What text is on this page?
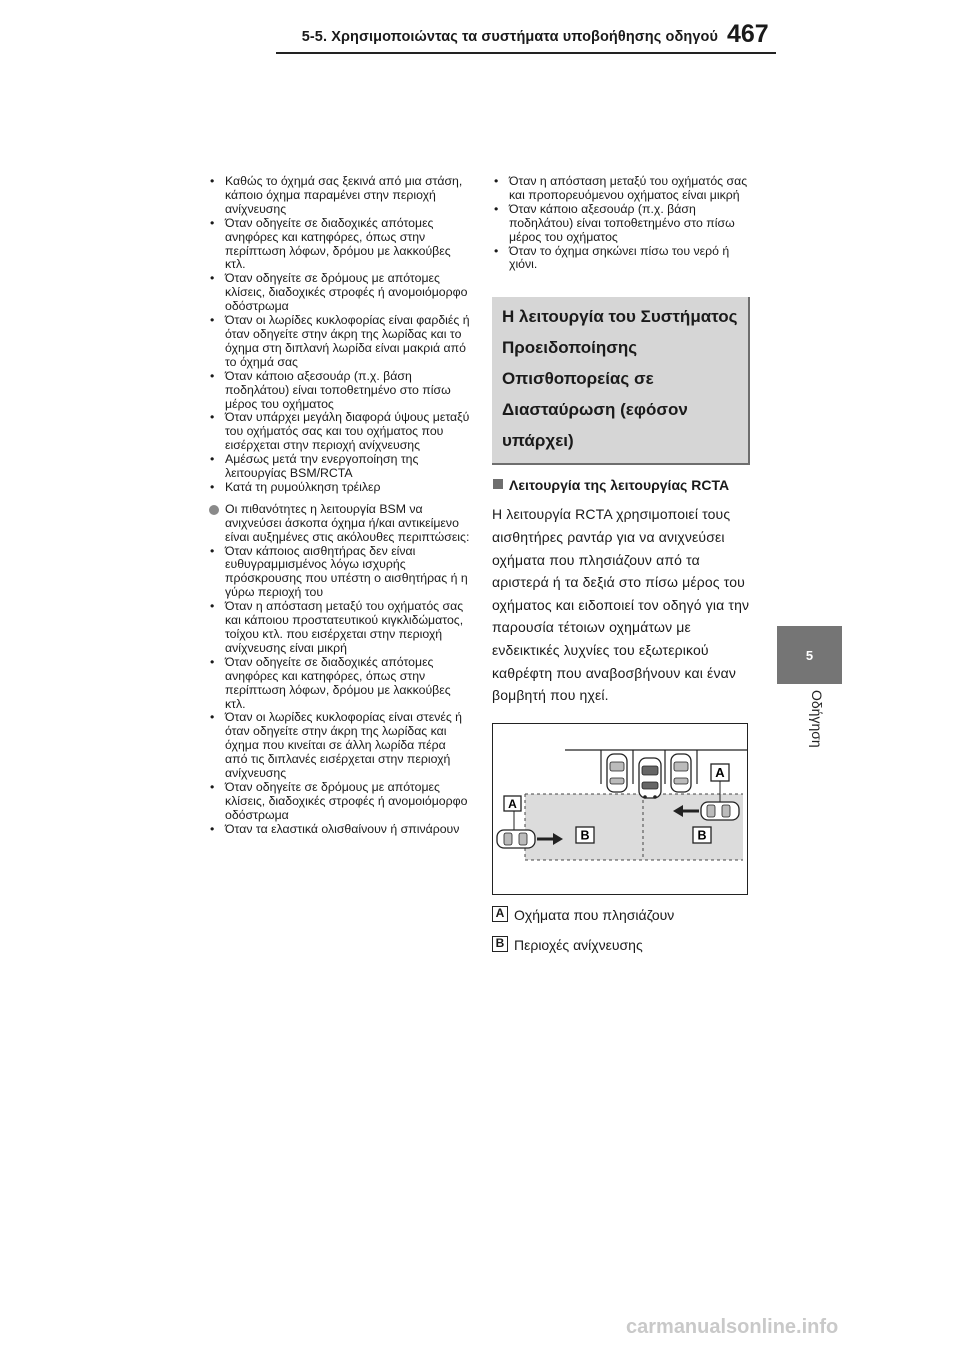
5-5. Χρησιμοποιώντας τα συστήματα υποβοήθησης οδηγού 467
5
Οδήγηση
• Καθώς το όχημά σας ξεκινά από μια στάση, κάποιο όχημα παραμένει στην περιοχή ανίχνευσης
• Όταν οδηγείτε σε διαδοχικές απότομες ανηφόρες και κατηφόρες, όπως στην περίπτωση λόφων, δρόμου με λακκούβες κτλ.
• Όταν οδηγείτε σε δρόμους με απότομες κλίσεις, διαδοχικές στροφές ή ανομοιόμορφο οδόστρωμα
• Όταν οι λωρίδες κυκλοφορίας είναι φαρδιές ή όταν οδηγείτε στην άκρη της λωρίδας και το όχημα στη διπλανή λωρίδα είναι μακριά από το όχημά σας
• Όταν κάποιο αξεσουάρ (π.χ. βάση ποδηλάτου) είναι τοποθετημένο στο πίσω μέρος του οχήματος
• Όταν υπάρχει μεγάλη διαφορά ύψους μεταξύ του οχήματός σας και του οχήματος που εισέρχεται στην περιοχή ανίχνευσης
• Αμέσως μετά την ενεργοποίηση της λειτουργίας BSM/RCTA
• Κατά τη ρυμούλκηση τρέιλερ
Οι πιθανότητες η λειτουργία BSM να ανιχνεύσει άσκοπα όχημα ή/και αντικείμενο είναι αυξημένες στις ακόλουθες περιπτώσεις:
• Όταν κάποιος αισθητήρας δεν είναι ευθυγραμμισμένος λόγω ισχυρής πρόσκρουσης που υπέστη ο αισθητήρας ή η γύρω περιοχή του
• Όταν η απόσταση μεταξύ του οχήματός σας και κάποιου προστατευτικού κιγκλιδώματος, τοίχου κτλ. που εισέρχεται στην περιοχή ανίχνευσης είναι μικρή
• Όταν οδηγείτε σε διαδοχικές απότομες ανηφόρες και κατηφόρες, όπως στην περίπτωση λόφων, δρόμου με λακκούβες κτλ.
• Όταν οι λωρίδες κυκλοφορίας είναι στενές ή όταν οδηγείτε στην άκρη της λωρίδας και όχημα που κινείται σε άλλη λωρίδα πέρα από τις διπλανές εισέρχεται στην περιοχή ανίχνευσης
• Όταν οδηγείτε σε δρόμους με απότομες κλίσεις, διαδοχικές στροφές ή ανομοιόμορφο οδόστρωμα
• Όταν τα ελαστικά ολισθαίνουν ή σπινάρουν
• Όταν η απόσταση μεταξύ του οχήματός σας και προπορευόμενου οχήματος είναι μικρή
• Όταν κάποιο αξεσουάρ (π.χ. βάση ποδηλάτου) είναι τοποθετημένο στο πίσω μέρος του οχήματος
• Όταν το όχημα σηκώνει πίσω του νερό ή χιόνι.
Η λειτουργία του Συστήματος Προειδοποίησης Οπισθοπορείας σε Διασταύρωση (εφόσον υπάρχει)
Λειτουργία της λειτουργίας RCTA
Η λειτουργία RCTA χρησιμοποιεί τους αισθητήρες ραντάρ για να ανιχνεύσει οχήματα που πλησιάζουν από τα αριστερά ή τα δεξιά στο πίσω μέρος του οχήματος και ειδοποιεί τον οδηγό για την παρουσία τέτοιων οχημάτων με ενδεικτικές λυχνίες του εξωτερικού καθρέφτη που αναβοσβήνουν και έναν βομβητή που ηχεί.
A
A
B	B
A Οχήματα που πλησιάζουν
B Περιοχές ανίχνευσης
carmanualsonline.info
